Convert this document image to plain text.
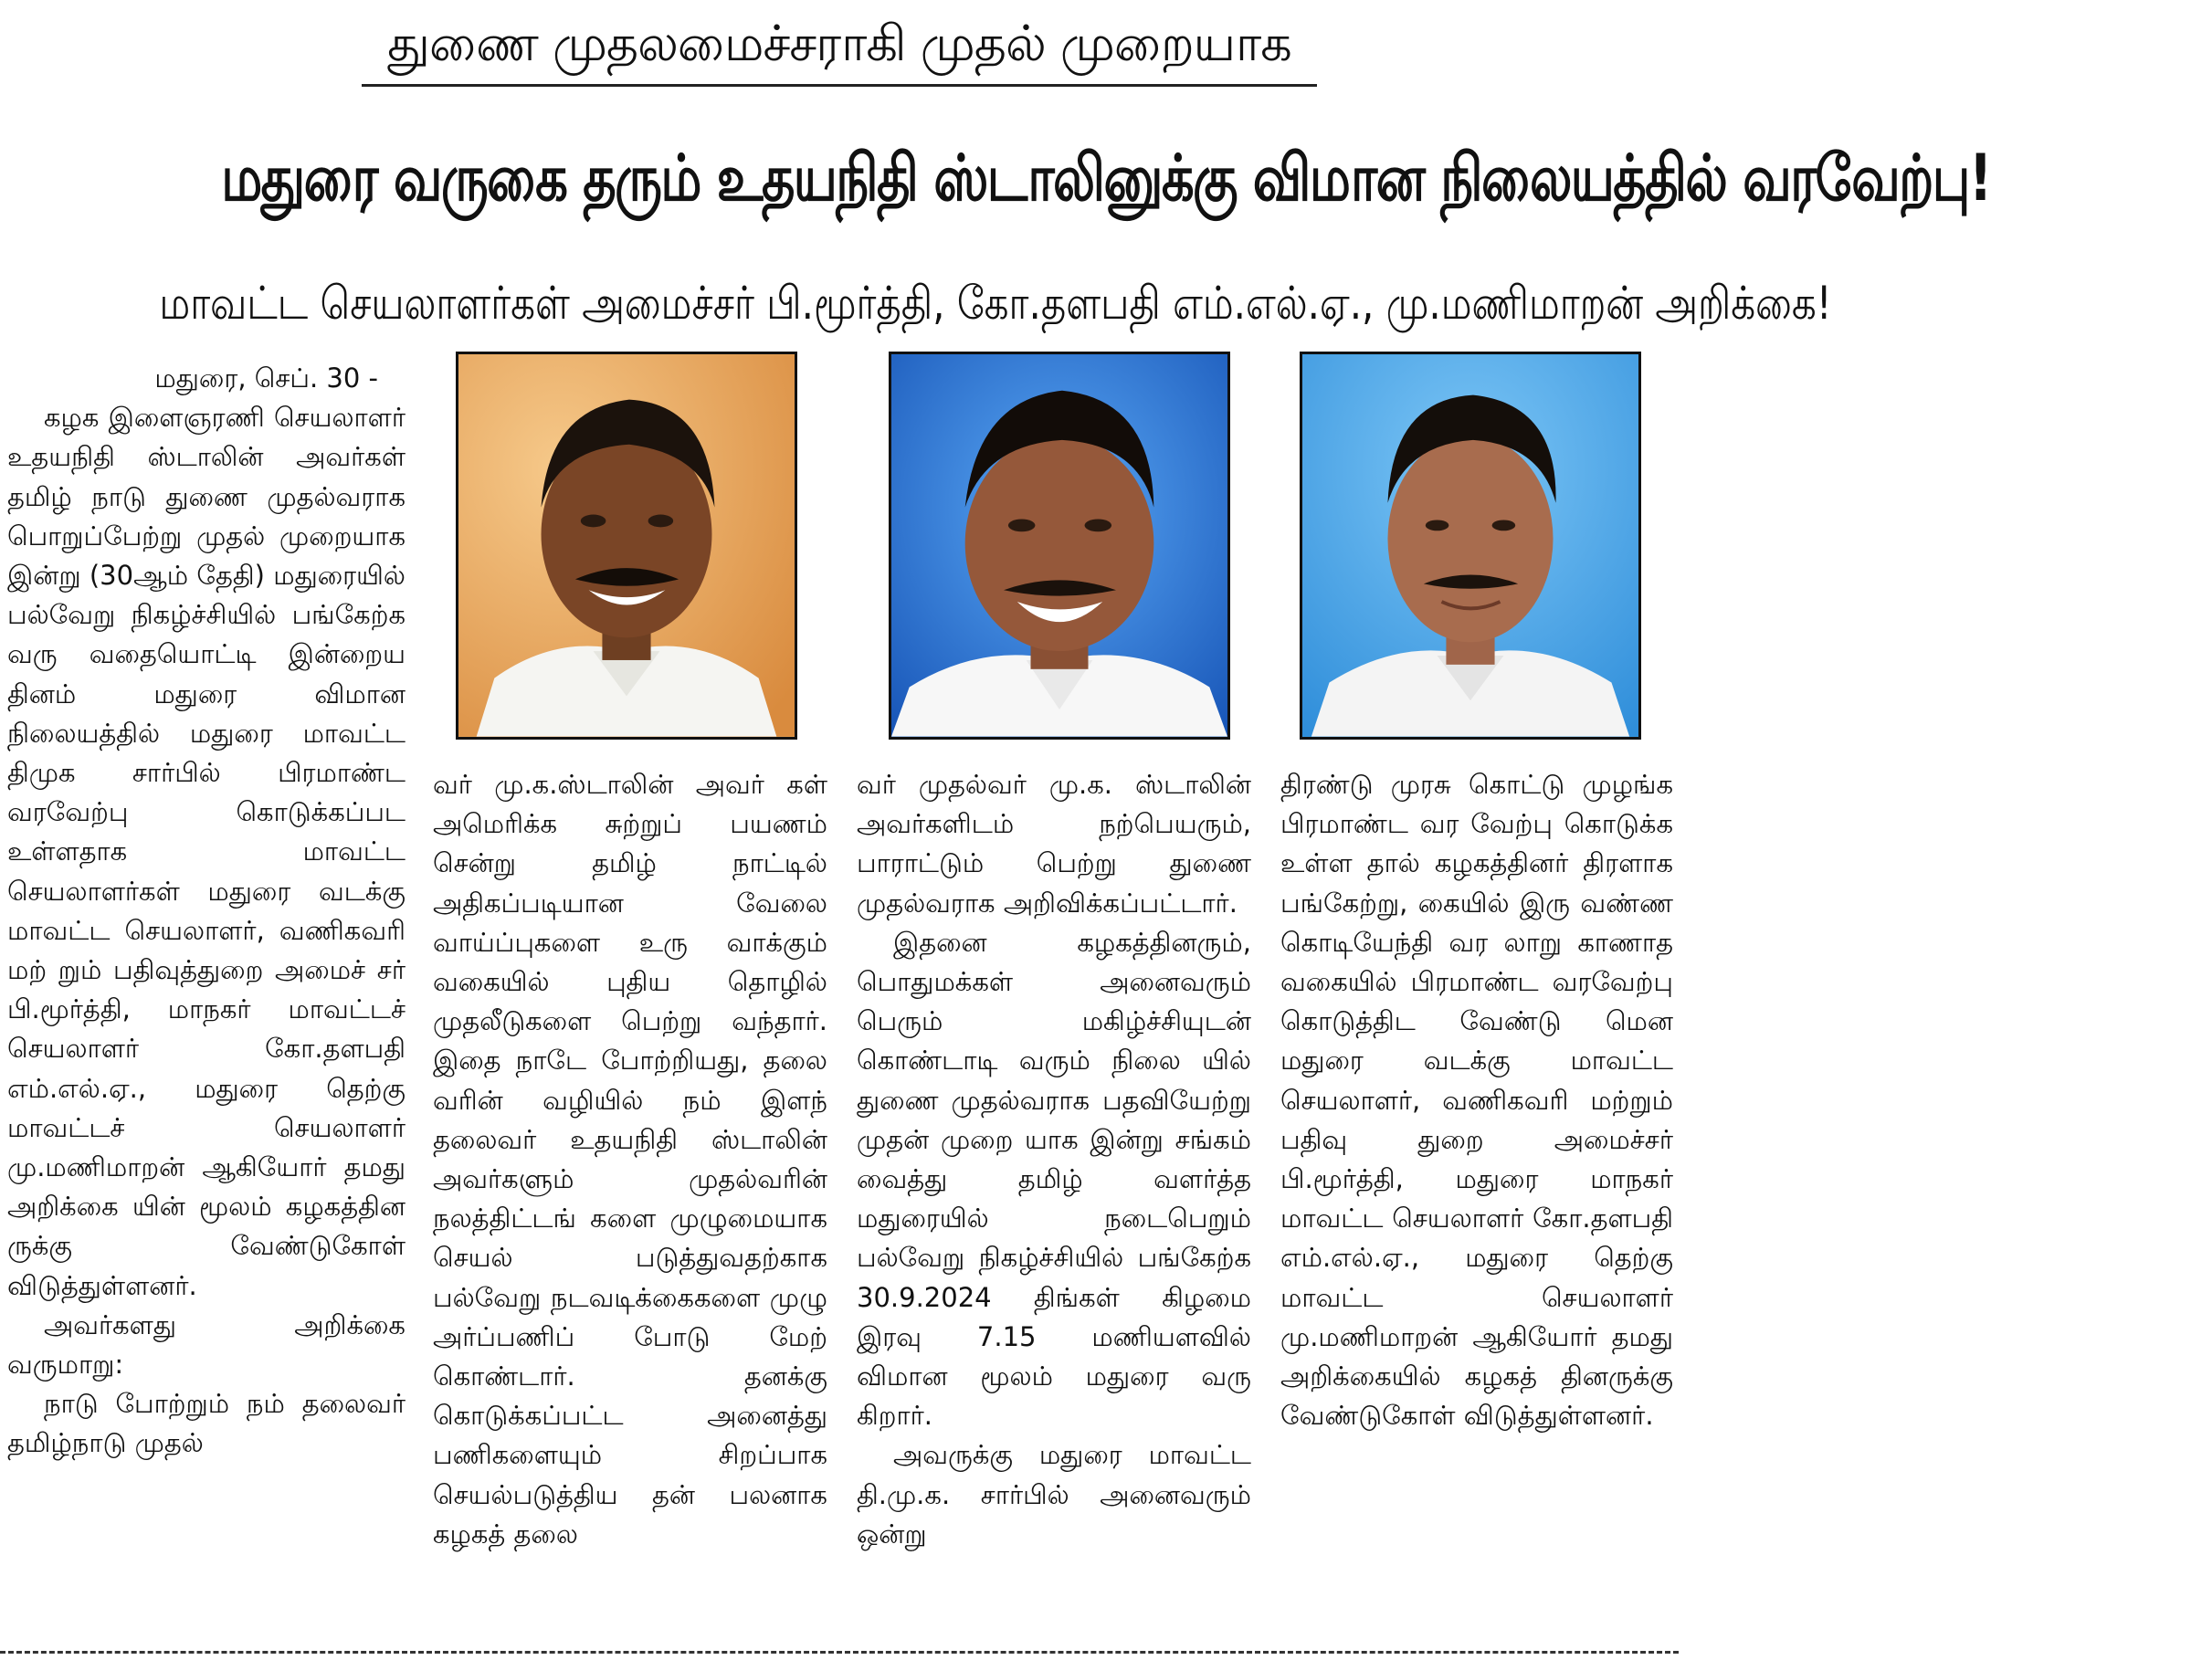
துணை முதலமைச்சராகி முதல் முறையாக
மதுரை வருகை தரும் உதயநிதி ஸ்டாலினுக்கு விமான நிலையத்தில் வரவேற்பு!
மாவட்ட செயலாளர்கள் அமைச்சர் பி.மூர்த்தி, கோ.தளபதி எம்.எல்.ஏ., மு.மணிமாறன் அறிக்கை!

மதுரை, செப். 30 -

கழக இளைஞரணி செயலாளர் உதயநிதி ஸ்டாலின் அவர்கள் தமிழ் நாடு துணை முதல்வராக பொறுப்பேற்று முதல் முறையாக இன்று (30ஆம் தேதி) மதுரையில் பல்வேறு நிகழ்ச்சியில் பங்கேற்க வரு வதையொட்டி இன்றைய தினம் மதுரை விமான நிலையத்தில் மதுரை மாவட்ட திமுக சார்பில் பிரமாண்ட வரவேற்பு கொடுக்கப்பட உள்ளதாக மாவட்ட செயலாளர்கள் மதுரை வடக்கு மாவட்ட செயலாளர், வணிகவரி மற் றும் பதிவுத்துறை அமைச் சர் பி.மூர்த்தி, மாநகர் மாவட்டச் செயலாளர் கோ.தளபதி எம்.எல்.ஏ., மதுரை தெற்கு மாவட்டச் செயலாளர் மு.மணிமாறன் ஆகியோர் தமது அறிக்கை யின் மூலம் கழகத்தின ருக்கு வேண்டுகோள் விடுத்துள்ளனர்.

அவர்களது அறிக்கை வருமாறு:

நாடு போற்றும் நம் தலைவர் தமிழ்நாடு முதல்

வர் மு.க.ஸ்டாலின் அவர் கள் அமெரிக்க சுற்றுப் பயணம் சென்று தமிழ் நாட்டில் அதிகப்படியான வேலை வாய்ப்புகளை உரு வாக்கும் வகையில் புதிய தொழில் முதலீடுகளை பெற்று வந்தார். இதை நாடே போற்றியது, தலை வரின் வழியில் நம் இளந் தலைவர் உதயநிதி ஸ்டாலின் அவர்களும் முதல்வரின் நலத்திட்டங் களை முழுமையாக செயல் படுத்துவதற்காக பல்வேறு நடவடிக்கைகளை முழு அர்ப்பணிப் போடு மேற் கொண்டார். தனக்கு கொடுக்கப்பட்ட அனைத்து பணிகளையும் சிறப்பாக செயல்படுத்திய தன் பலனாக கழகத் தலை

வர் முதல்வர் மு.க. ஸ்டாலின் அவர்களிடம் நற்பெயரும், பாராட்டும் பெற்று துணை முதல்வராக அறிவிக்கப்பட்டார்.

இதனை கழகத்தினரும், பொதுமக்கள் அனைவரும் பெரும் மகிழ்ச்சியுடன் கொண்டாடி வரும் நிலை யில் துணை முதல்வராக பதவியேற்று முதன் முறை யாக இன்று சங்கம் வைத்து தமிழ் வளர்த்த மதுரையில் நடைபெறும் பல்வேறு நிகழ்ச்சியில் பங்கேற்க 30.9.2024 திங்கள் கிழமை இரவு 7.15 மணியளவில் விமான மூலம் மதுரை வரு கிறார்.

அவருக்கு மதுரை மாவட்ட தி.மு.க. சார்பில் அனைவரும் ஒன்று

திரண்டு முரசு கொட்டு முழங்க பிரமாண்ட வர வேற்பு கொடுக்க உள்ள தால் கழகத்தினர் திரளாக பங்கேற்று, கையில் இரு வண்ண கொடியேந்தி வர லாறு காணாத வகையில் பிரமாண்ட வரவேற்பு கொடுத்திட வேண்டு மென மதுரை வடக்கு மாவட்ட செயலாளர், வணிகவரி மற்றும் பதிவு துறை அமைச்சர் பி.மூர்த்தி, மதுரை மாநகர் மாவட்ட செயலாளர் கோ.தளபதி எம்.எல்.ஏ., மதுரை தெற்கு மாவட்ட செயலாளர் மு.மணிமாறன் ஆகியோர் தமது அறிக்கையில் கழகத் தினருக்கு வேண்டுகோள் விடுத்துள்ளனர்.
